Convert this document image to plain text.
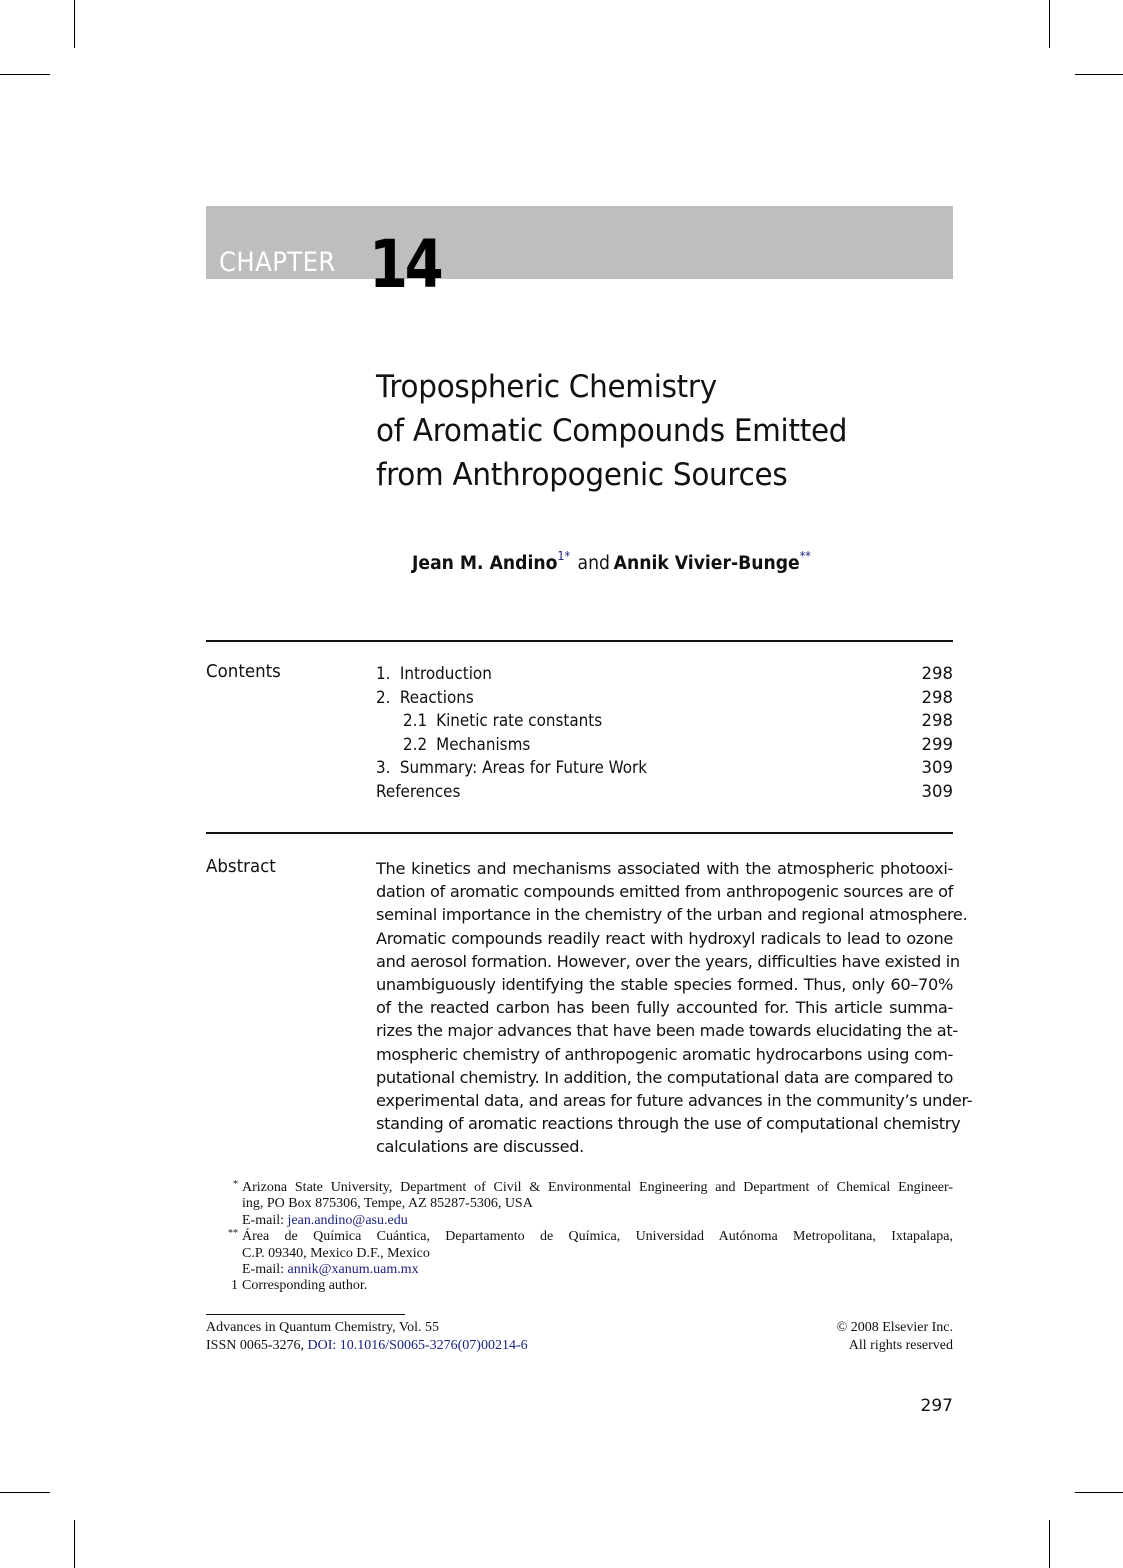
CHAPTER 14
Tropospheric Chemistry
of Aromatic Compounds Emitted
from Anthropogenic Sources
Jean M. Andino$^{1*}$ and Annik Vivier-Bunge**
Contents	1. Introduction	298
2. Reactions	298
2.1 Kinetic rate constants	298
2.2 Mechanisms	299
3. Summary: Areas for Future Work	309
References	309
Abstract	The kinetics and mechanisms associated with the atmospheric photooxi-
dation of aromatic compounds emitted from anthropogenic sources are of
seminal importance in the chemistry of the urban and regional atmosphere.
Aromatic compounds readily react with hydroxyl radicals to lead to ozone
and aerosol formation. However, over the years, difficulties have existed in
unambiguously identifying the stable species formed. Thus, only 60–70%
of the reacted carbon has been fully accounted for. This article summa-
rizes the major advances that have been made towards elucidating the at-
mospheric chemistry of anthropogenic aromatic hydrocarbons using com-
putational chemistry. In addition, the computational data are compared to
experimental data, and areas for future advances in the community’s under-
standing of aromatic reactions through the use of computational chemistry
calculations are discussed.
* Arizona State University, Department of Civil & Environmental Engineering and Department of Chemical Engineer-
ing, PO Box 875306, Tempe, AZ 85287-5306, USA
E-mail: jean.andino@asu.edu
** Área de Química Cuántica, Departamento de Química, Universidad Autónoma Metropolitana, Ixtapalapa,
C.P. 09340, Mexico D.F., Mexico
E-mail: annik@xanum.uam.mx
1 Corresponding author.
Advances in Quantum Chemistry, Vol. 55
ISSN 0065-3276, DOI: 10.1016/S0065-3276(07)00214-6
© 2008 Elsevier Inc.
All rights reserved
297
